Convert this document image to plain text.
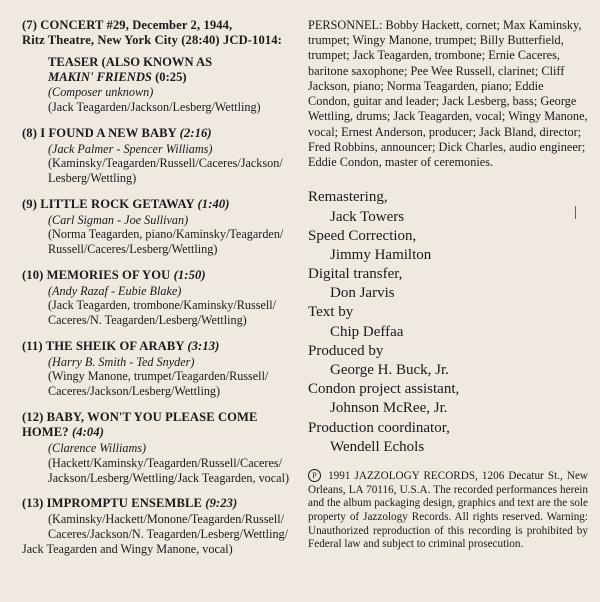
(7) CONCERT #29, December 2, 1944,
Ritz Theatre, New York City (28:40) JCD-1014:
TEASER (ALSO KNOWN AS
MAKIN' FRIENDS (0:25)
(Composer unknown)
(Jack Teagarden/Jackson/Lesberg/Wettling)
(8) I FOUND A NEW BABY (2:16)
(Jack Palmer - Spencer Williams)
(Kaminsky/Teagarden/Russell/Caceres/Jackson/
Lesberg/Wettling)
(9) LITTLE ROCK GETAWAY (1:40)
(Carl Sigman - Joe Sullivan)
(Norma Teagarden, piano/Kaminsky/Teagarden/
Russell/Caceres/Lesberg/Wettling)
(10) MEMORIES OF YOU (1:50)
(Andy Razaf - Eubie Blake)
(Jack Teagarden, trombone/Kaminsky/Russell/
Caceres/N. Teagarden/Lesberg/Wettling)
(11) THE SHEIK OF ARABY (3:13)
(Harry B. Smith - Ted Snyder)
(Wingy Manone, trumpet/Teagarden/Russell/
Caceres/Jackson/Lesberg/Wettling)
(12) BABY, WON'T YOU PLEASE COME HOME? (4:04)
(Clarence Williams)
(Hackett/Kaminsky/Teagarden/Russell/Caceres/
Jackson/Lesberg/Wettling/Jack Teagarden, vocal)
(13) IMPROMPTU ENSEMBLE (9:23)
(Kaminsky/Hackett/Monone/Teagarden/Russell/
Caceres/Jackson/N. Teagarden/Lesberg/Wettling/
Jack Teagarden and Wingy Manone, vocal)
PERSONNEL: Bobby Hackett, cornet; Max Kaminsky, trumpet; Wingy Manone, trumpet; Billy Butterfield, trumpet; Jack Teagarden, trombone; Ernie Caceres, baritone saxophone; Pee Wee Russell, clarinet; Cliff Jackson, piano; Norma Teagarden, piano; Eddie Condon, guitar and leader; Jack Lesberg, bass; George Wettling, drums; Jack Teagarden, vocal; Wingy Manone, vocal; Ernest Anderson, producer; Jack Bland, director; Fred Robbins, announcer; Dick Charles, audio engineer; Eddie Condon, master of ceremonies.
Remastering,
Jack Towers
Speed Correction,
Jimmy Hamilton
Digital transfer,
Don Jarvis
Text by
Chip Deffaa
Produced by
George H. Buck, Jr.
Condon project assistant,
Johnson McRee, Jr.
Production coordinator,
Wendell Echols
P 1991 JAZZOLOGY RECORDS, 1206 Decatur St., New Orleans, LA 70116, U.S.A. The recorded performances herein and the album packaging design, graphics and text are the sole property of Jazzology Records. All rights reserved. Warning: Unauthorized reproduction of this recording is prohibited by Federal law and subject to criminal prosecution.
